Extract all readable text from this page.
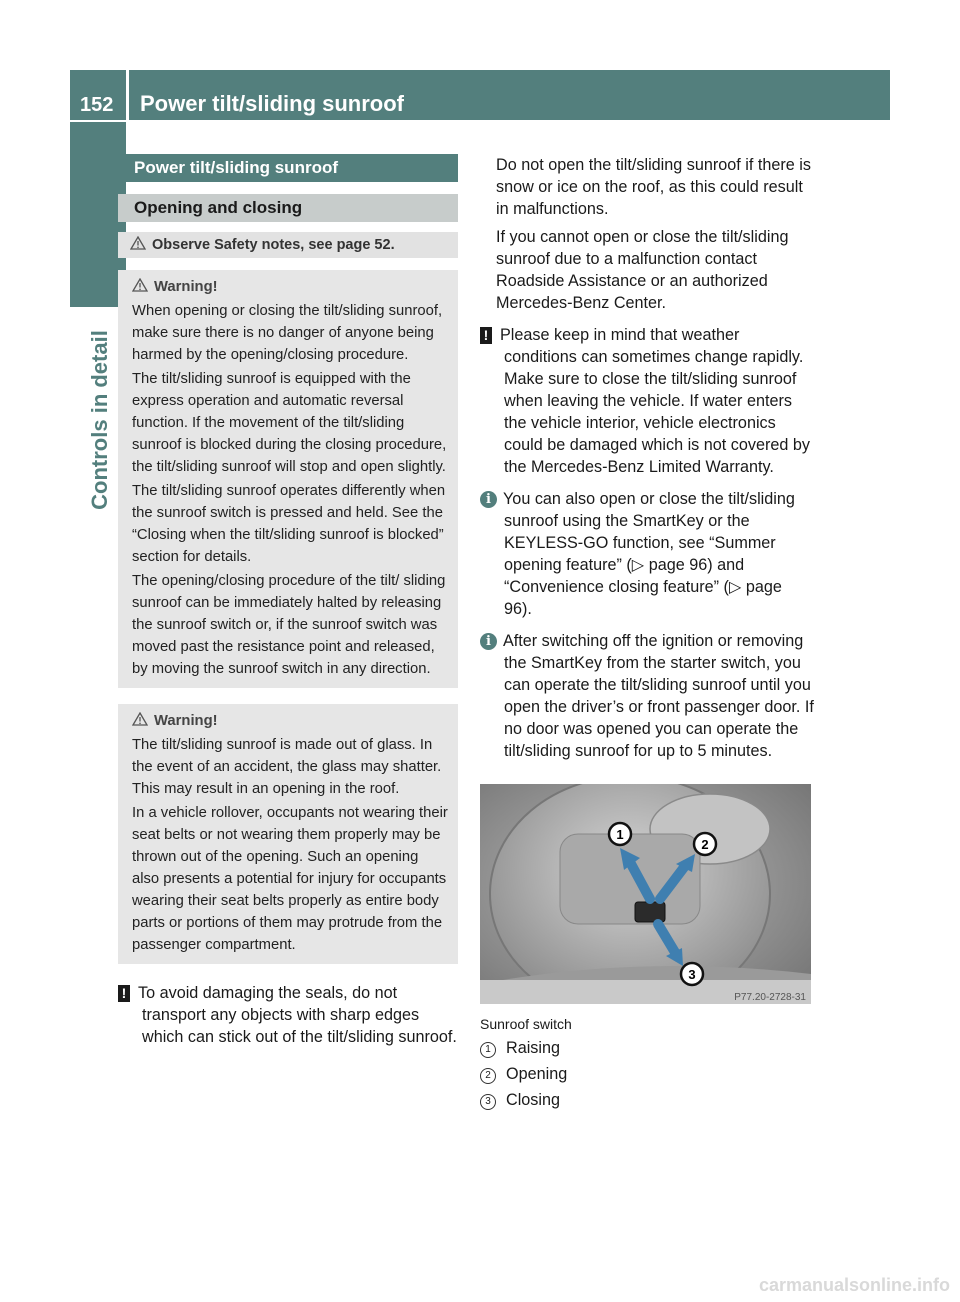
152 Power tilt/sliding sunroof
Controls in detail
Power tilt/sliding sunroof
Opening and closing
Observe Safety notes, see page 52.
Warning!

When opening or closing the tilt/sliding sunroof, make sure there is no danger of anyone being harmed by the opening/closing procedure.

The tilt/sliding sunroof is equipped with the express operation and automatic reversal function. If the movement of the tilt/sliding sunroof is blocked during the closing procedure, the tilt/sliding sunroof will stop and open slightly.

The tilt/sliding sunroof operates differently when the sunroof switch is pressed and held. See the “Closing when the tilt/sliding sunroof is blocked” section for details.

The opening/closing procedure of the tilt/ sliding sunroof can be immediately halted by releasing the sunroof switch or, if the sunroof switch was moved past the resistance point and released, by moving the sunroof switch in any direction.

Warning!

The tilt/sliding sunroof is made out of glass. In the event of an accident, the glass may shatter. This may result in an opening in the roof.

In a vehicle rollover, occupants not wearing their seat belts or not wearing them properly may be thrown out of the opening. Such an opening also presents a potential for injury for occupants wearing their seat belts properly as entire body parts or portions of them may protrude from the passenger compartment.

! To avoid damaging the seals, do not transport any objects with sharp edges which can stick out of the tilt/sliding sunroof.

Do not open the tilt/sliding sunroof if there is snow or ice on the roof, as this could result in malfunctions.

If you cannot open or close the tilt/sliding sunroof due to a malfunction contact Roadside Assistance or an authorized Mercedes-Benz Center.

! Please keep in mind that weather conditions can sometimes change rapidly. Make sure to close the tilt/sliding sunroof when leaving the vehicle. If water enters the vehicle interior, vehicle electronics could be damaged which is not covered by the Mercedes-Benz Limited Warranty.

i You can also open or close the tilt/sliding sunroof using the SmartKey or the KEYLESS-GO function, see “Summer opening feature” (▷ page 96) and “Convenience closing feature” (▷ page 96).

i After switching off the ignition or removing the SmartKey from the starter switch, you can operate the tilt/sliding sunroof until you open the driver’s or front passenger door. If no door was opened you can operate the tilt/sliding sunroof for up to 5 minutes.

1
2
3
P77.20-2728-31
Sunroof switch
1 Raising
2 Opening
3 Closing
carmanualsonline.info
